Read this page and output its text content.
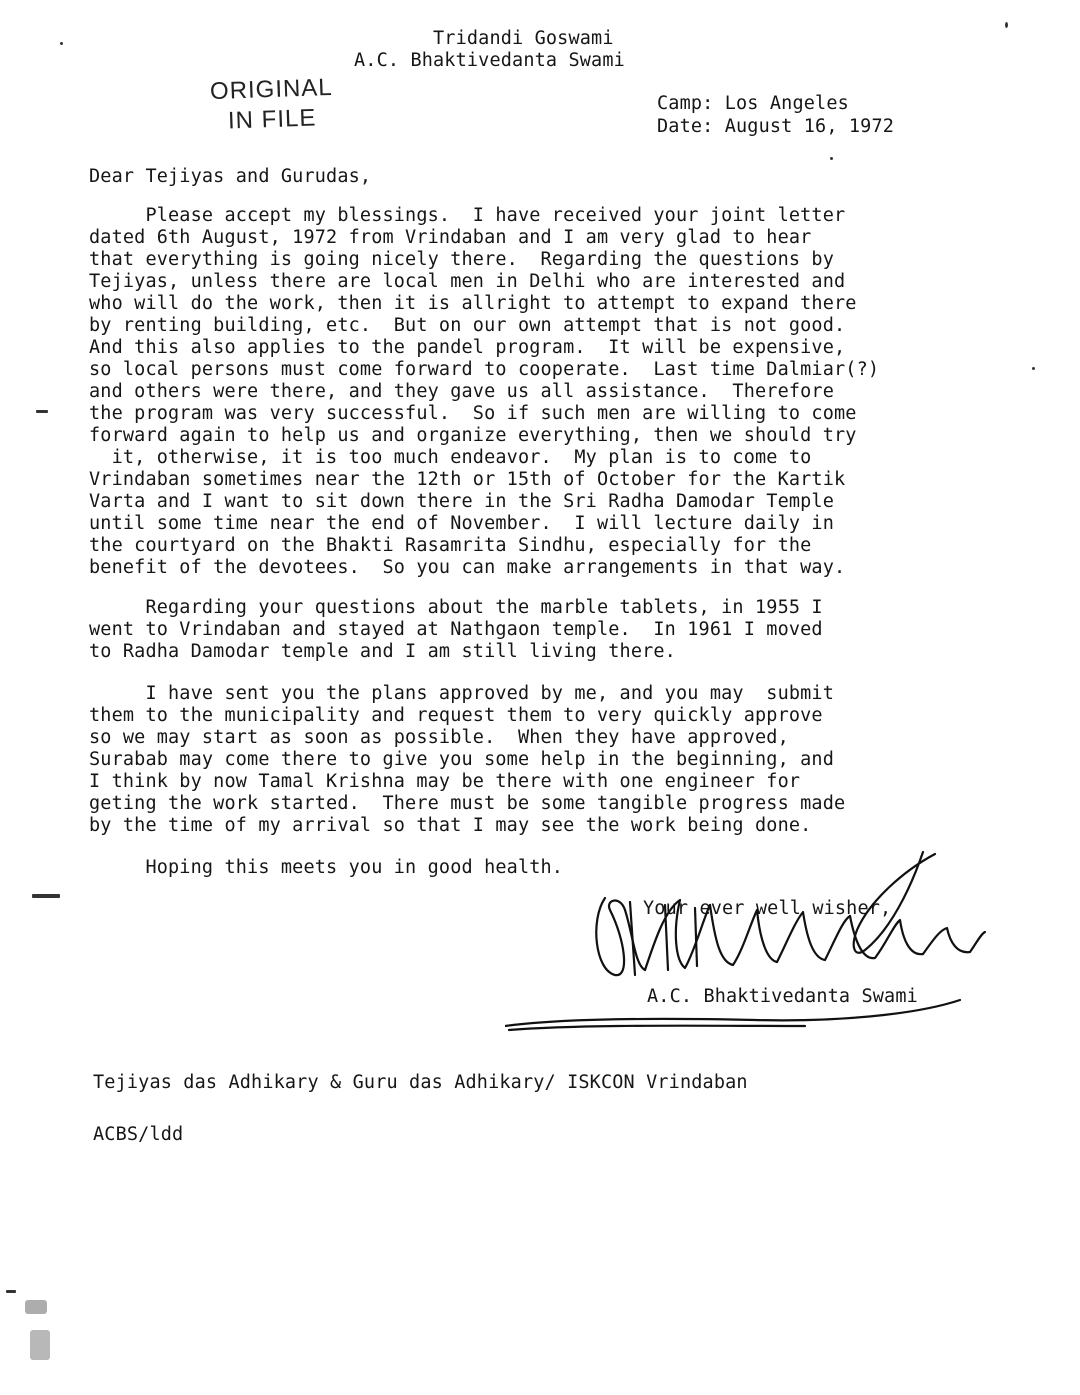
Tridandi Goswami
A.C. Bhaktivedanta Swami
ORIGINAL
IN FILE
Camp: Los Angeles
Date: August 16, 1972
Dear Tejiyas and Gurudas,
Please accept my blessings.  I have received your joint letter
dated 6th August, 1972 from Vrindaban and I am very glad to hear
that everything is going nicely there.  Regarding the questions by
Tejiyas, unless there are local men in Delhi who are interested and
who will do the work, then it is allright to attempt to expand there
by renting building, etc.  But on our own attempt that is not good.
And this also applies to the pandel program.  It will be expensive,
so local persons must come forward to cooperate.  Last time Dalmiar(?)
and others were there, and they gave us all assistance.  Therefore
the program was very successful.  So if such men are willing to come
forward again to help us and organize everything, then we should try
it, otherwise, it is too much endeavor.  My plan is to come to
Vrindaban sometimes near the 12th or 15th of October for the Kartik
Varta and I want to sit down there in the Sri Radha Damodar Temple
until some time near the end of November.  I will lecture daily in
the courtyard on the Bhakti Rasamrita Sindhu, especially for the
benefit of the devotees.  So you can make arrangements in that way.
Regarding your questions about the marble tablets, in 1955 I
went to Vrindaban and stayed at Nathgaon temple.  In 1961 I moved
to Radha Damodar temple and I am still living there.
I have sent you the plans approved by me, and you may  submit
them to the municipality and request them to very quickly approve
so we may start as soon as possible.  When they have approved,
Surabab may come there to give you some help in the beginning, and
I think by now Tamal Krishna may be there with one engineer for
geting the work started.  There must be some tangible progress made
by the time of my arrival so that I may see the work being done.
Hoping this meets you in good health.
Your ever well wisher,
A.C. Bhaktivedanta Swami
Tejiyas das Adhikary & Guru das Adhikary/ ISKCON Vrindaban
ACBS/ldd
